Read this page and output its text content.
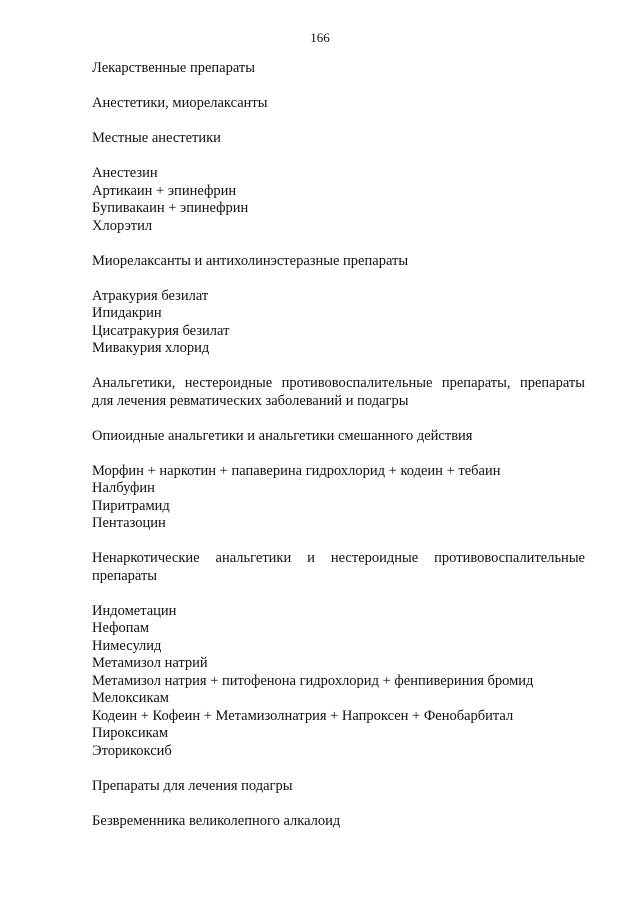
166
Лекарственные препараты
Анестетики, миорелаксанты
Местные анестетики
Анестезин
Артикаин + эпинефрин
Бупивакаин + эпинефрин
Хлорэтил
Миорелаксанты и антихолинэстеразные препараты
Атракурия безилат
Ипидакрин
Цисатракурия безилат
Мивакурия хлорид
Анальгетики, нестероидные противовоспалительные препараты, препараты
для лечения ревматических заболеваний и подагры
Опиоидные анальгетики и анальгетики смешанного действия
Морфин + наркотин + папаверина гидрохлорид + кодеин + тебаин
Налбуфин
Пиритрамид
Пентазоцин
Ненаркотические анальгетики и нестероидные противовоспалительные
препараты
Индометацин
Нефопам
Нимесулид
Метамизол натрий
Метамизол натрия + питофенона гидрохлорид + фенпивериния бромид
Мелоксикам
Кодеин + Кофеин + Метамизолнатрия + Напроксен + Фенобарбитал
Пироксикам
Эторикоксиб
Препараты для лечения подагры
Безвременника великолепного алкалоид
